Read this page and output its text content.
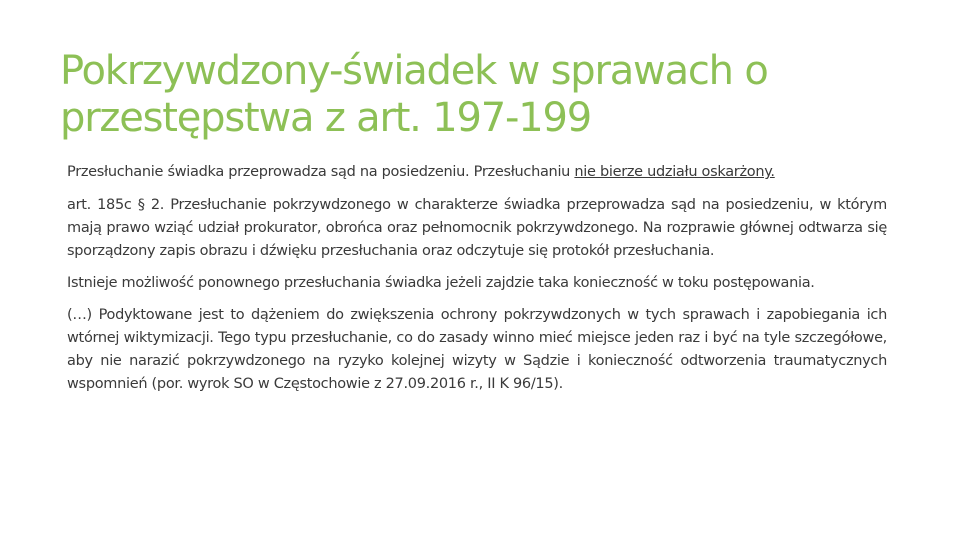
Pokrzywdzony-świadek w sprawach o przestępstwa z art. 197-199

Przesłuchanie świadka przeprowadza sąd na posiedzeniu. Przesłuchaniu nie bierze udziału oskarżony.

art. 185c § 2. Przesłuchanie pokrzywdzonego w charakterze świadka przeprowadza sąd na posiedzeniu, w którym mają prawo wziąć udział prokurator, obrońca oraz pełnomocnik pokrzywdzonego. Na rozprawie głównej odtwarza się sporządzony zapis obrazu i dźwięku przesłuchania oraz odczytuje się protokół przesłuchania.

Istnieje możliwość ponownego przesłuchania świadka jeżeli zajdzie taka konieczność w toku postępowania.

(…) Podyktowane jest to dążeniem do zwiększenia ochrony pokrzywdzonych w tych sprawach i zapobiegania ich wtórnej wiktymizacji. Tego typu przesłuchanie, co do zasady winno mieć miejsce jeden raz i być na tyle szczegółowe, aby nie narazić pokrzywdzonego na ryzyko kolejnej wizyty w Sądzie i konieczność odtworzenia traumatycznych wspomnień (por. wyrok SO w Częstochowie z 27.09.2016 r., II K 96/15).
